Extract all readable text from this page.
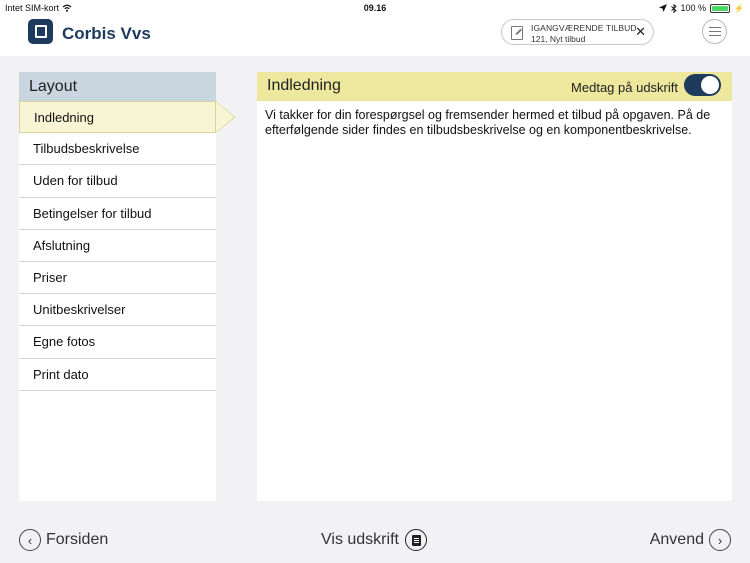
Intet SIM-kort	09.16	100 %	⚡
Corbis Vvs	IGANGVÆRENDE TILBUD
121, Nyt tilbud	✕
Layout
Indledning
Tilbudsbeskrivelse
Uden for tilbud
Betingelser for tilbud
Afslutning
Priser
Unitbeskrivelser
Egne fotos
Print dato
Indledning	Medtag på udskrift
Vi takker for din forespørgsel og fremsender hermed et tilbud på opgaven. På de efterfølgende sider findes en tilbudsbeskrivelse og en komponentbeskrivelse.
‹ Forsiden	Vis udskrift	Anvend	›
